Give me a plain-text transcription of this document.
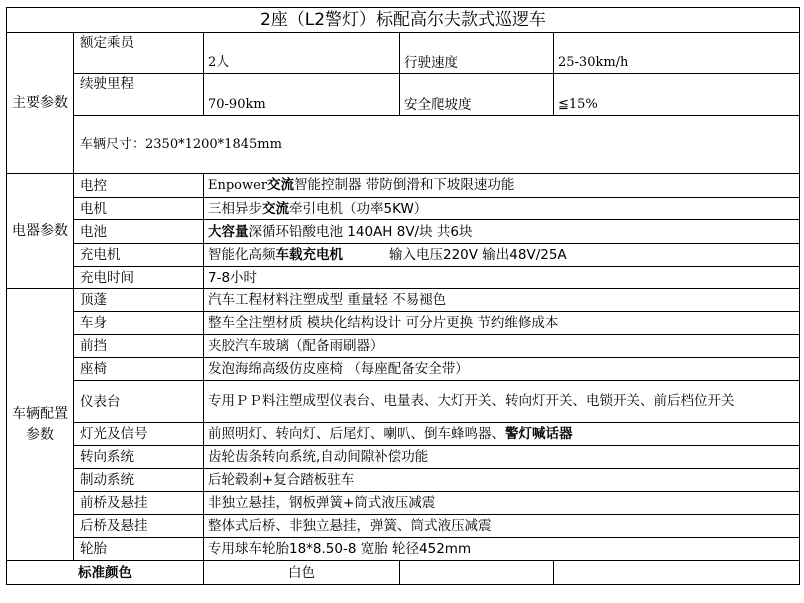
2座（L2警灯）标配高尔夫款式巡逻车				
主要参数	额定乘员	2人	行驶速度	25-30km/h
	续驶里程	70-90km	安全爬坡度	≦15%
	车辆尺寸：2350*1200*1845mm			

电器参数	电控	Enpower交流智能控制器 带防倒滑和下坡限速功能		
	电机	三相异步交流牵引电机（功率5KW）		
	电池	大容量深循环铅酸电池 140AH 8V/块 共6块		
	充电机	智能化高频车载充电机 输入电压220V 输出48V/25A		
	充电时间	7-8小时		
车辆配置参数	顶蓬	汽车工程材料注塑成型 重量轻 不易褪色		
	车身	整车全注塑材质 模块化结构设计 可分片更换 节约维修成本		
	前挡	夹胶汽车玻璃（配备雨刷器）		
	座椅	发泡海绵高级仿皮座椅 （每座配备安全带）		
	仪表台	专用ＰＰ料注塑成型仪表台、电量表、大灯开关、转向灯开关、电锁开关、前后档位开关		
	灯光及信号	前照明灯、转向灯、后尾灯、喇叭、倒车蜂鸣器、警灯喊话器		
	转向系统	齿轮齿条转向系统,自动间隙补偿功能		
	制动系统	后轮毂刹+复合踏板驻车		
	前桥及悬挂	非独立悬挂，钢板弹簧+筒式液压减震		
	后桥及悬挂	整体式后桥、非独立悬挂，弹簧、筒式液压减震		
	轮胎	专用球车轮胎18*8.50-8 宽胎 轮径452mm		
标准颜色		白色		
